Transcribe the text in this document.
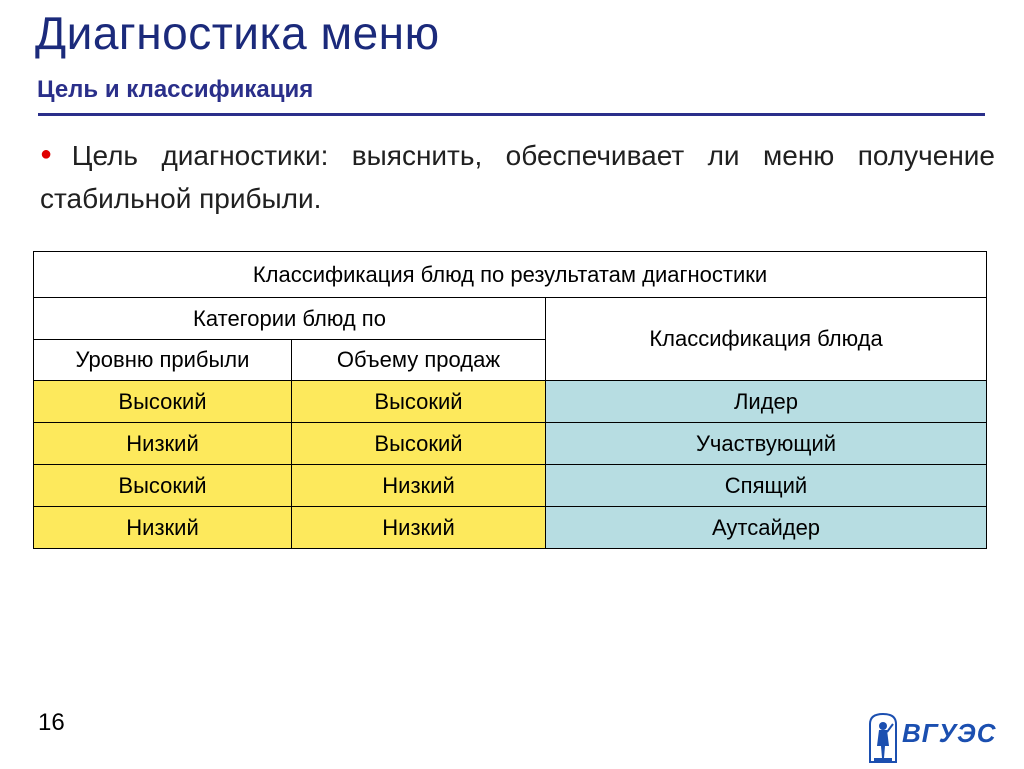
Диагностика меню
Цель и классификация
● Цель диагностики: выяснить, обеспечивает ли меню получение стабильной прибыли.
Классификация блюд по результатам диагностики		
Категории блюд по		Классификация блюда
Уровню прибыли	Объему продаж	
Высокий	Высокий	Лидер
Низкий	Высокий	Участвующий
Высокий	Низкий	Спящий
Низкий	Низкий	Аутсайдер
16	ВГУЭС
